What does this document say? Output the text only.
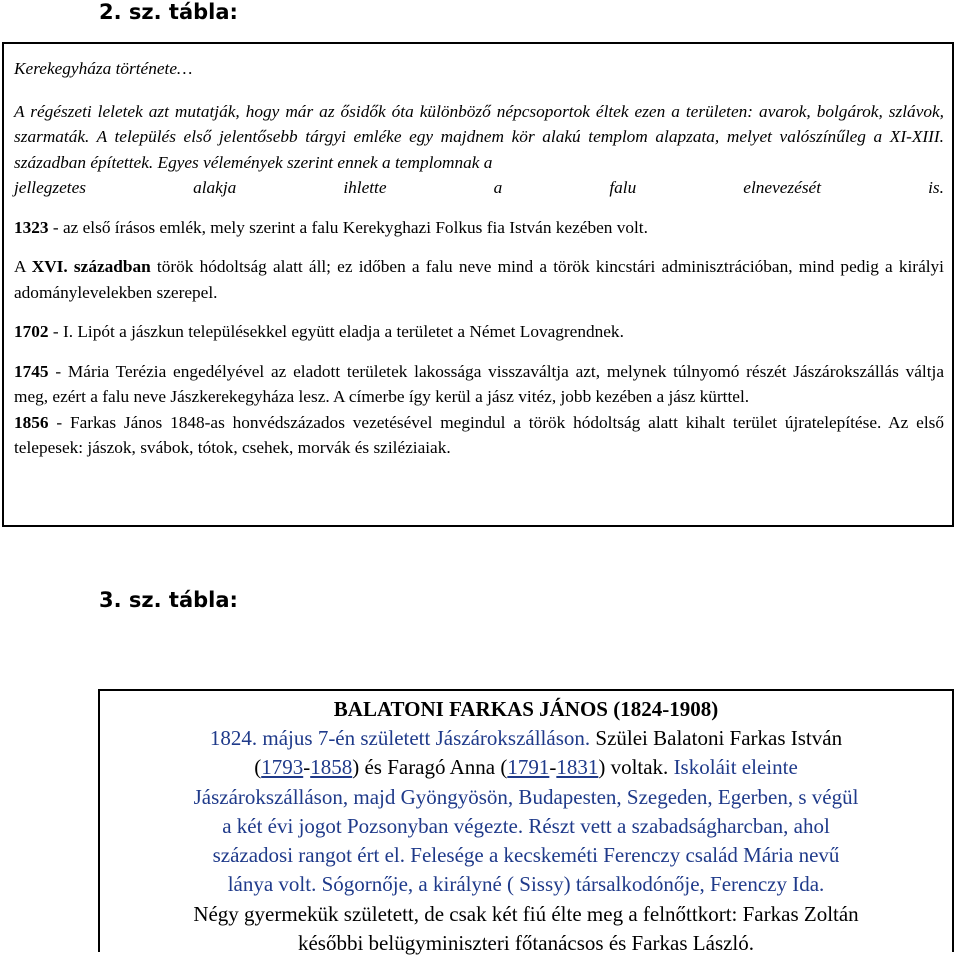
2. sz. tábla:

Kerekegyháza története…

A régészeti leletek azt mutatják, hogy már az ősidők óta különböző népcsoportok éltek ezen a területen: avarok, bolgárok, szlávok, szarmaták. A település első jelentősebb tárgyi emléke egy majdnem kör alakú templom alapzata, melyet valószínűleg a XI-XIII. században építettek. Egyes vélemények szerint ennek a templomnak a
jellegzetes	alakja	ihlette	a	falu	elnevezését	is.

1323 - az első írásos emlék, mely szerint a falu Kerekyghazi Folkus fia István kezében volt.

A XVI. században török hódoltság alatt áll; ez időben a falu neve mind a török kincstári adminisztrációban, mind pedig a királyi adománylevelekben szerepel.

1702 - I. Lipót a jászkun településekkel együtt eladja a területet a Német Lovagrendnek.

1745 - Mária Terézia engedélyével az eladott területek lakossága visszaváltja azt, melynek túlnyomó részét Jászárokszállás váltja meg, ezért a falu neve Jászkerekegyháza lesz. A címerbe így kerül a jász vitéz, jobb kezében a jász kürttel.

1856 - Farkas János 1848-as honvédszázados vezetésével megindul a török hódoltság alatt kihalt terület újratelepítése. Az első telepesek: jászok, svábok, tótok, csehek, morvák és sziléziaiak.

3. sz. tábla:
BALATONI FARKAS JÁNOS (1824-1908)

1824. május 7-én született Jászárokszálláson. Szülei Balatoni Farkas István

(1793-1858) és Faragó Anna (1791-1831) voltak. Iskoláit eleinte

Jászárokszálláson, majd Gyöngyösön, Budapesten, Szegeden, Egerben, s végül

a két évi jogot Pozsonyban végezte. Részt vett a szabadságharcban, ahol

századosi rangot ért el. Felesége a kecskeméti Ferenczy család Mária nevű

lánya volt. Sógornője, a királyné ( Sissy) társalkodónője, Ferenczy Ida.

Négy gyermekük született, de csak két fiú élte meg a felnőttkort: Farkas Zoltán

későbbi belügyminiszteri főtanácsos és Farkas László.
